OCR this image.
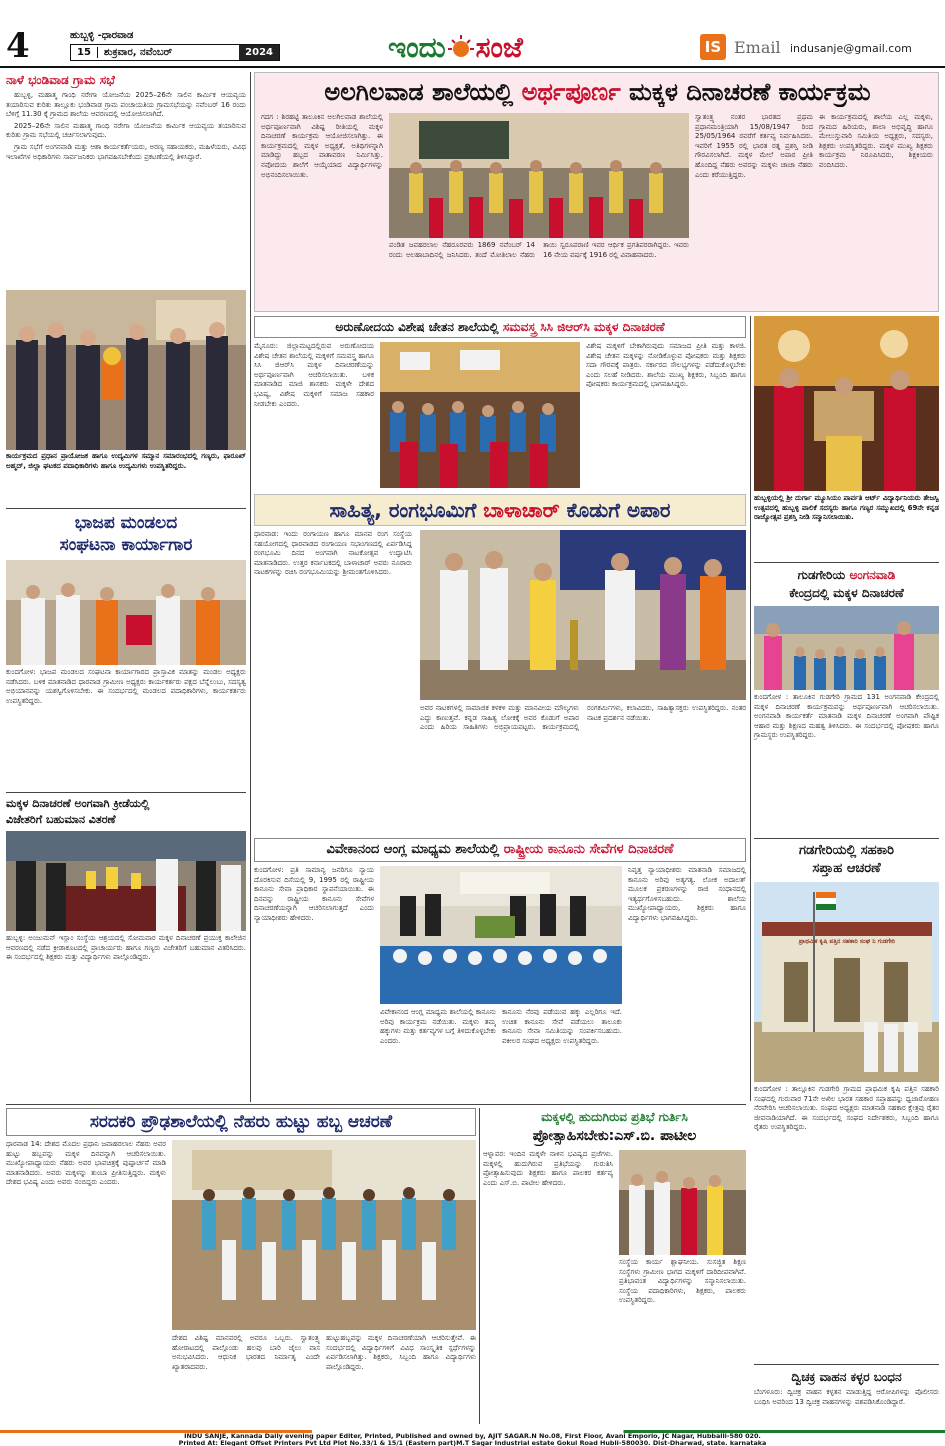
4	ಹುಬ್ಬಳ್ಳಿ -ಧಾರವಾಡ
15	ಶುಕ್ರವಾರ, ನವೆಂಬರ್	2024	ಇಂದು ಸಂಜೆ	IS Email indusanje@gmail.com
ನಾಳೆ ಭಂಡಿವಾಡ ಗ್ರಾಮ ಸಭೆ

ಹುಬ್ಬಳ್ಳಿ, ಮಹಾತ್ಮ ಗಾಂಧಿ ನರೇಗಾ ಯೋಜನೆಯ 2025–26ನೇ ಸಾಲಿನ ಕಾರ್ಮಿಕ ಆಯವ್ಯಯ ತಯಾರಿಸುವ ಕುರಿತು ತಾಲ್ಲೂಕು ಭಂಡಿವಾಡ ಗ್ರಾಮ ಪಂಚಾಯತಿಯ ಗ್ರಾಮಸಭೆಯನ್ನು ನವೆಂಬರ್ 16 ರಂದು ಬೆಳಿಗ್ಗೆ 11.30 ಕ್ಕೆ ಗ್ರಾಮದ ಶಾಲೆಯ ಆವರಣದಲ್ಲಿ ಆಯೋಜಿಸಲಾಗಿದೆ.

2025–26ನೇ ಸಾಲಿನ ಮಹಾತ್ಮ ಗಾಂಧಿ ನರೇಗಾ ಯೋಜನೆಯ ಕಾರ್ಮಿಕ ಆಯವ್ಯಯ ತಯಾರಿಸುವ ಕುರಿತು ಗ್ರಾಮ ಸಭೆಯಲ್ಲಿ ಚರ್ಚಿಸಲಾಗುವುದು.

ಗ್ರಾಮ ಸಭೆಗೆ ಅಂಗನವಾಡಿ ಮತ್ತು ಆಶಾ ಕಾರ್ಯಕರ್ತೆಯರು, ಅರಣ್ಯ ಸಹಾಯಕರು, ಮಹಿಳೆಯರು, ವಿವಿಧ ಇಲಾಖೆಗಳ ಅಧಿಕಾರಿಗಳು ಸಾರ್ವಜನಿಕರು ಭಾಗವಹಿಸಬೇಕೆಂದು ಪ್ರಕಟಣೆಯಲ್ಲಿ ತಿಳಿಸಿದ್ದಾರೆ.

ಕಾರ್ಯಕ್ರಮದ ಪ್ರಧಾನ ಪ್ರಾಯೋಜಕ ಹಾಗೂ ಉದ್ಯಮಿಗಳ ಸಮ್ಮಾನ ಸಮಾರಂಭದಲ್ಲಿ ಗಣ್ಯರು, ಫಾರೂಖ್ ಅಹ್ಮದ್, ಜಿಲ್ಲಾ ಘಟಕದ ಪದಾಧಿಕಾರಿಗಳು ಹಾಗೂ ಉದ್ಯಮಿಗಳು ಉಪಸ್ಥಿತರಿದ್ದರು.
ಭಾಜಪ ಮಂಡಲದ
ಸಂಘಟನಾ ಕಾರ್ಯಾಗಾರ
ಕುಂದಗೋಳ: ಭಾಜಪ ಮಂಡಲದ ಸಂಘಟನಾ ಕಾರ್ಯಾಗಾರದ ಪ್ರಾಸ್ತಾವಿಕ ಮಾತನ್ನು ಮಂಡಲ ಅಧ್ಯಕ್ಷರು ನಡೆಸಿದರು. ಬಳಿಕ ಮಾತನಾಡಿದ ಧಾರವಾಡ ಗ್ರಾಮೀಣ ಅಧ್ಯಕ್ಷರು ಕಾರ್ಯಕರ್ತರು ಪಕ್ಷದ ಬೆನ್ನೆಲುಬು, ಸದಸ್ಯತ್ವ ಅಭಿಯಾನವನ್ನು ಯಶಸ್ವಿಗೊಳಿಸಬೇಕು. ಈ ಸಂದರ್ಭದಲ್ಲಿ ಮಂಡಲದ ಪದಾಧಿಕಾರಿಗಳು, ಕಾರ್ಯಕರ್ತರು ಉಪಸ್ಥಿತರಿದ್ದರು.
ಮಕ್ಕಳ ದಿನಾಚರಣೆ ಅಂಗವಾಗಿ ಕ್ರೀಡೆಯಲ್ಲಿ
ವಿಜೇತರಿಗೆ ಬಹುಮಾನ ವಿತರಣೆ
ಹುಬ್ಬಳ್ಳಿ: ಅಂಜುಮನ್ ಇಸ್ಲಾಂ ಸಂಸ್ಥೆಯ ಆಶ್ರಯದಲ್ಲಿ ಸೋಮವಾರ ಮಕ್ಕಳ ದಿನಾಚರಣೆ ಪ್ರಯುಕ್ತ ಕಾಲೇಜಿನ ಆವರಣದಲ್ಲಿ ನಡೆದ ಕ್ರೀಡಾಕೂಟದಲ್ಲಿ ಪ್ರಾಚಾರ್ಯರು ಹಾಗೂ ಗಣ್ಯರು ವಿಜೇತರಿಗೆ ಬಹುಮಾನ ವಿತರಿಸಿದರು. ಈ ಸಂದರ್ಭದಲ್ಲಿ ಶಿಕ್ಷಕರು ಮತ್ತು ವಿದ್ಯಾರ್ಥಿಗಳು ಪಾಲ್ಗೊಂಡಿದ್ದರು.
ಅಲಗಿಲವಾಡ ಶಾಲೆಯಲ್ಲಿ ಅರ್ಥಪೂರ್ಣ ಮಕ್ಕಳ ದಿನಾಚರಣೆ ಕಾರ್ಯಕ್ರಮ
ಗದಗ : ಶಿರಹಟ್ಟಿ ತಾಲೂಕಿನ ಅಲಗಿಲವಾಡ ಶಾಲೆಯಲ್ಲಿ ಅರ್ಥಪೂರ್ಣವಾಗಿ ವಿಶಿಷ್ಟ ರೀತಿಯಲ್ಲಿ ಮಕ್ಕಳ ದಿನಾಚರಣೆ ಕಾರ್ಯಕ್ರಮ ಆಯೋಜಿಸಲಾಗಿತ್ತು. ಈ ಕಾರ್ಯಕ್ರಮದಲ್ಲಿ ಮಕ್ಕಳ ಅಧ್ಯಕ್ಷತೆ, ಅತಿಥಿಗಳನ್ನಾಗಿ ಮಾಡಿದ್ದು ಹಬ್ಬದ ವಾತಾವರಣ ನಿರ್ಮಿಸಿತ್ತು. ನವೋದಯ ಶಾಲೆಗೆ ಆಯ್ಕೆಯಾದ ವಿದ್ಯಾರ್ಥಿಗಳನ್ನು ಅಭಿನಂದಿಸಲಾಯಿತು.
ಪಂಡಿತ ಜವಹರಲಾಲ ನೆಹರೂರವರು 1869 ನವೆಂಬರ್ 14 ರಂದು ಅಲಹಾಬಾದಿನಲ್ಲಿ ಜನಿಸಿದರು. ತಂದೆ ಮೋತಿಲಾಲ ನೆಹರು ತಾಯಿ ಸ್ವರೂಪರಾಣಿ ಇವರ ಆರ್ಥಿಕ ಪ್ರಗತಿಪರರಾಗಿದ್ದರು. ಇವರು 16 ನೇಯ ವರ್ಷಕ್ಕೆ 1916 ರಲ್ಲಿ ವಿವಾಹವಾದರು.
ಸ್ವಾತಂತ್ರ್ಯ ನಂತರ ಭಾರತದ ಪ್ರಥಮ ಪ್ರಧಾನಮಂತ್ರಿಯಾಗಿ 15/08/1947 ರಿಂದ 25/05/1964 ರವರೆಗೆ ಕರ್ತವ್ಯ ನಿರ್ವಹಿಸಿದರು. ಇವರಿಗೆ 1955 ರಲ್ಲಿ ಭಾರತ ರತ್ನ ಪ್ರಶಸ್ತಿ ನೀಡಿ ಗೌರವಿಸಲಾಗಿದೆ. ಮಕ್ಕಳ ಮೇಲೆ ಅಪಾರ ಪ್ರೀತಿ ಹೊಂದಿದ್ದ ನೆಹರು ಅವರನ್ನು ಮಕ್ಕಳು ಚಾಚಾ ನೆಹರು ಎಂದು ಕರೆಯುತ್ತಿದ್ದರು.
ಈ ಕಾರ್ಯಕ್ರಮದಲ್ಲಿ ಶಾಲೆಯ ಎಲ್ಲ ಮಕ್ಕಳು, ಗ್ರಾಮದ ಹಿರಿಯರು, ಶಾಲಾ ಅಭಿವೃದ್ಧಿ ಹಾಗೂ ಮೇಲುಸ್ತುವಾರಿ ಸಮಿತಿಯ ಅಧ್ಯಕ್ಷರು, ಸದಸ್ಯರು, ಶಿಕ್ಷಕರು ಉಪಸ್ಥಿತರಿದ್ದರು. ಮಕ್ಕಳ ಮುಖ್ಯ ಶಿಕ್ಷಕರು ಕಾರ್ಯಕ್ರಮ ನಿರೂಪಿಸಿದರು, ಶಿಕ್ಷಕಿಯರು ವಂದಿಸಿದರು.
ಅರುಣೋದಯ ವಿಶೇಷ ಚೇತನ ಶಾಲೆಯಲ್ಲಿ ಸಮವಸ್ತ್ರ ಸಿಸಿ ಜಿಆರ್‌ಸಿ ಮಕ್ಕಳ ದಿನಾಚರಣೆ
ಮೈಸೂರು: ಜಿಲ್ಲಾಮಟ್ಟದಲ್ಲಿರುವ ಅರುಣೋದಯ ವಿಶೇಷ ಚೇತನ ಶಾಲೆಯಲ್ಲಿ ಮಕ್ಕಳಿಗೆ ಸಮವಸ್ತ್ರ ಹಾಗೂ ಸಿಸಿ ಜಿಆರ್‌ಸಿ ಮಕ್ಕಳ ದಿನಾಚರಣೆಯನ್ನು ಅರ್ಥಪೂರ್ಣವಾಗಿ ಆಚರಿಸಲಾಯಿತು. ಬಳಿಕ ಮಾತನಾಡಿದ ಮಾಜಿ ಶಾಸಕರು ಮಕ್ಕಳೇ ದೇಶದ ಭವಿಷ್ಯ, ವಿಶೇಷ ಮಕ್ಕಳಿಗೆ ಸಮಾಜ ಸಹಕಾರ ನೀಡಬೇಕು ಎಂದರು.
ವಿಶೇಷ ಮಕ್ಕಳಿಗೆ ಬೇಕಾಗಿರುವುದು ಸಮಾಜದ ಪ್ರೀತಿ ಮತ್ತು ಕಾಳಜಿ. ವಿಶೇಷ ಚೇತನ ಮಕ್ಕಳನ್ನು ನೋಡಿಕೊಳ್ಳುವ ಪೋಷಕರು ಮತ್ತು ಶಿಕ್ಷಕರು ಸದಾ ಗೌರವಕ್ಕೆ ಪಾತ್ರರು. ಸರ್ಕಾರದ ಸೌಲಭ್ಯಗಳನ್ನು ಪಡೆದುಕೊಳ್ಳಬೇಕು ಎಂದು ಸಲಹೆ ನೀಡಿದರು. ಶಾಲೆಯ ಮುಖ್ಯ ಶಿಕ್ಷಕರು, ಸಿಬ್ಬಂದಿ ಹಾಗೂ ಪೋಷಕರು ಕಾರ್ಯಕ್ರಮದಲ್ಲಿ ಭಾಗವಹಿಸಿದ್ದರು.
ಹುಬ್ಬಳ್ಳಿಯಲ್ಲಿ ಶ್ರೀ ದುರ್ಗಾ ಮ್ಯೂಸಿಯಂ ಪಾರ್ವತಿ ಆರ್ಟ್ ವಿದ್ಯಾರ್ಥಿನಿಯರು ತೇಜಸ್ವಿ ಉತ್ಸವದಲ್ಲಿ ಹುಬ್ಬಳ್ಳಿ ಪಾಲಿಕೆ ಸದಸ್ಯರು ಹಾಗೂ ಗಣ್ಯರ ಸಮ್ಮುಖದಲ್ಲಿ 69ನೇ ಕನ್ನಡ ರಾಜ್ಯೋತ್ಸವ ಪ್ರಶಸ್ತಿ ನೀಡಿ ಸನ್ಮಾನಿಸಲಾಯಿತು.
ಸಾಹಿತ್ಯ, ರಂಗಭೂಮಿಗೆ ಬಾಳಾಚಾರ್ ಕೊಡುಗೆ ಅಪಾರ
ಧಾರವಾಡ: ಇಂದು ರಂಗಾಯಣ ಹಾಗೂ ಮಾನವ ರಂಗ ಸಂಸ್ಥೆಯ ಸಹಯೋಗದಲ್ಲಿ ಧಾರವಾಡದ ರಂಗಾಯಣ ಸಭಾಂಗಣದಲ್ಲಿ ಏರ್ಪಡಿಸಿದ್ದ ರಂಗಭೂಮಿ ದಿನದ ಅಂಗವಾಗಿ ನಾಟಕೋತ್ಸವ ಉದ್ಘಾಟಿಸಿ ಮಾತನಾಡಿದರು. ಉತ್ತರ ಕರ್ನಾಟಕದಲ್ಲಿ ಬಾಳಾಚಾರ್ ಅವರು ನೂರಾರು ನಾಟಕಗಳನ್ನು ರಚಿಸಿ ರಂಗಭೂಮಿಯನ್ನು ಶ್ರೀಮಂತಗೊಳಿಸಿದರು.
ಅವರ ನಾಟಕಗಳಲ್ಲಿ ಸಾಮಾಜಿಕ ಕಳಕಳಿ ಮತ್ತು ಮಾನವೀಯ ಮೌಲ್ಯಗಳು ಎದ್ದು ಕಾಣುತ್ತವೆ. ಕನ್ನಡ ಸಾಹಿತ್ಯ ಲೋಕಕ್ಕೆ ಅವರ ಕೊಡುಗೆ ಅಪಾರ ಎಂದು ಹಿರಿಯ ಸಾಹಿತಿಗಳು ಅಭಿಪ್ರಾಯಪಟ್ಟರು. ಕಾರ್ಯಕ್ರಮದಲ್ಲಿ ರಂಗಕರ್ಮಿಗಳು, ಕಲಾವಿದರು, ಸಾಹಿತ್ಯಾಸಕ್ತರು ಉಪಸ್ಥಿತರಿದ್ದರು. ನಂತರ ನಾಟಕ ಪ್ರದರ್ಶನ ನಡೆಯಿತು.
ಗುಡಗೇರಿಯ ಅಂಗನವಾಡಿ
ಕೇಂದ್ರದಲ್ಲಿ ಮಕ್ಕಳ ದಿನಾಚರಣೆ
ಕುಂದಗೋಳ : ತಾಲೂಕಿನ ಗುಡಗೇರಿ ಗ್ರಾಮದ 131 ಅಂಗನವಾಡಿ ಕೇಂದ್ರದಲ್ಲಿ ಮಕ್ಕಳ ದಿನಾಚರಣೆ ಕಾರ್ಯಕ್ರಮವನ್ನು ಅರ್ಥಪೂರ್ಣವಾಗಿ ಆಚರಿಸಲಾಯಿತು. ಅಂಗನವಾಡಿ ಕಾರ್ಯಕರ್ತೆ ಮಾತನಾಡಿ ಮಕ್ಕಳ ದಿನಾಚರಣೆ ಅಂಗವಾಗಿ ಪೌಷ್ಟಿಕ ಆಹಾರ ಮತ್ತು ಶಿಕ್ಷಣದ ಮಹತ್ವ ತಿಳಿಸಿದರು. ಈ ಸಂದರ್ಭದಲ್ಲಿ ಪೋಷಕರು ಹಾಗೂ ಗ್ರಾಮಸ್ಥರು ಉಪಸ್ಥಿತರಿದ್ದರು.
ವಿವೇಕಾನಂದ ಆಂಗ್ಲ ಮಾಧ್ಯಮ ಶಾಲೆಯಲ್ಲಿ ರಾಷ್ಟ್ರೀಯ ಕಾನೂನು ಸೇವೆಗಳ ದಿನಾಚರಣೆ
ಕುಂದಗೋಳ: ಪ್ರತಿ ಸಾಮಾನ್ಯ ಜನರಿಗೂ ನ್ಯಾಯ ದೊರಕಿಸುವ ದಿಸೆಯಲ್ಲಿ 9, 1995 ರಲ್ಲಿ ರಾಷ್ಟ್ರೀಯ ಕಾನೂನು ಸೇವಾ ಪ್ರಾಧಿಕಾರ ಸ್ಥಾಪನೆಯಾಯಿತು. ಈ ದಿನವನ್ನು ರಾಷ್ಟ್ರೀಯ ಕಾನೂನು ಸೇವೆಗಳ ದಿನಾಚರಣೆಯನ್ನಾಗಿ ಆಚರಿಸಲಾಗುತ್ತದೆ ಎಂದು ನ್ಯಾಯಾಧೀಶರು ಹೇಳಿದರು.
ವಿವೇಕಾನಂದ ಆಂಗ್ಲ ಮಾಧ್ಯಮ ಶಾಲೆಯಲ್ಲಿ ಕಾನೂನು ಅರಿವು ಕಾರ್ಯಕ್ರಮ ನಡೆಯಿತು. ಮಕ್ಕಳು ತಮ್ಮ ಹಕ್ಕುಗಳು ಮತ್ತು ಕರ್ತವ್ಯಗಳ ಬಗ್ಗೆ ತಿಳಿದುಕೊಳ್ಳಬೇಕು ಎಂದರು.
ಕಾನೂನು ನೆರವು ಪಡೆಯುವ ಹಕ್ಕು ಎಲ್ಲರಿಗೂ ಇದೆ. ಉಚಿತ ಕಾನೂನು ಸೇವೆ ಪಡೆಯಲು ತಾಲೂಕು ಕಾನೂನು ಸೇವಾ ಸಮಿತಿಯನ್ನು ಸಂಪರ್ಕಿಸಬಹುದು. ವಕೀಲರ ಸಂಘದ ಅಧ್ಯಕ್ಷರು ಉಪಸ್ಥಿತರಿದ್ದರು.
ನಿವೃತ್ತ ನ್ಯಾಯಾಧೀಶರು ಮಾತನಾಡಿ ಸಮಾಜದಲ್ಲಿ ಕಾನೂನು ಅರಿವು ಅತ್ಯಗತ್ಯ. ಲೋಕ ಅದಾಲತ್ ಮೂಲಕ ಪ್ರಕರಣಗಳನ್ನು ರಾಜಿ ಸಂಧಾನದಲ್ಲಿ ಇತ್ಯರ್ಥಗೊಳಿಸಬಹುದು. ಶಾಲೆಯ ಮುಖ್ಯೋಪಾಧ್ಯಾಯರು, ಶಿಕ್ಷಕರು ಹಾಗೂ ವಿದ್ಯಾರ್ಥಿಗಳು ಭಾಗವಹಿಸಿದ್ದರು.
ಗಡಗೇರಿಯಲ್ಲಿ ಸಹಕಾರಿ
ಸಪ್ತಾಹ ಆಚರಣೆ
ಪ್ರಾಥಮಿಕ ಕೃಷಿ ಪತ್ತಿನ ಸಹಕಾರಿ ಸಂಘ ನಿ ಗುಡಗೇರಿ
ಕುಂದಗೋಳ : ತಾಲ್ಲೂಕಿನ ಗುಡಗೇರಿ ಗ್ರಾಮದ ಪ್ರಾಥಮಿಕ ಕೃಷಿ ಪತ್ತಿನ ಸಹಕಾರಿ ಸಂಘದಲ್ಲಿ ಗುರುವಾರ 71ನೇ ಅಖಿಲ ಭಾರತ ಸಹಕಾರ ಸಪ್ತಾಹವನ್ನು ಧ್ವಜಾರೋಹಣ ನೆರವೇರಿಸಿ ಆಚರಿಸಲಾಯಿತು. ಸಂಘದ ಅಧ್ಯಕ್ಷರು ಮಾತನಾಡಿ ಸಹಕಾರ ಕ್ಷೇತ್ರವು ರೈತರ ಜೀವನಾಡಿಯಾಗಿದೆ. ಈ ಸಂದರ್ಭದಲ್ಲಿ ಸಂಘದ ನಿರ್ದೇಶಕರು, ಸಿಬ್ಬಂದಿ ಹಾಗೂ ರೈತರು ಉಪಸ್ಥಿತರಿದ್ದರು.
ಸರದಕರಿ ಪ್ರೌಢಶಾಲೆಯಲ್ಲಿ ನೆಹರು ಹುಟ್ಟು ಹಬ್ಬ ಆಚರಣೆ
ಧಾರವಾಡ 14: ದೇಶದ ಮೊದಲ ಪ್ರಧಾನಿ ಜವಾಹರಲಾಲ ನೆಹರು ಅವರ ಹುಟ್ಟು ಹಬ್ಬವನ್ನು ಮಕ್ಕಳ ದಿನವನ್ನಾಗಿ ಆಚರಿಸಲಾಯಿತು. ಮುಖ್ಯೋಪಾಧ್ಯಾಯರು ನೆಹರು ಅವರ ಭಾವಚಿತ್ರಕ್ಕೆ ಪುಷ್ಪಾರ್ಚನೆ ಮಾಡಿ ಮಾತನಾಡಿದರು. ಅವರು ಮಕ್ಕಳನ್ನು ತುಂಬಾ ಪ್ರೀತಿಸುತ್ತಿದ್ದರು. ಮಕ್ಕಳು ದೇಶದ ಭವಿಷ್ಯ ಎಂದು ಅವರು ನಂಬಿದ್ದರು ಎಂದರು.
ದೇಶದ ವಿಶಿಷ್ಟ ಮಾನವರಲ್ಲಿ ಅವರೂ ಒಬ್ಬರು. ಸ್ವಾತಂತ್ರ್ಯ ಹೋರಾಟದಲ್ಲಿ ಪಾಲ್ಗೊಂಡು ಹಲವು ಬಾರಿ ಜೈಲು ವಾಸ ಅನುಭವಿಸಿದರು. ಆಧುನಿಕ ಭಾರತದ ನಿರ್ಮಾತೃ ಎಂದೇ ಖ್ಯಾತರಾದವರು.
ಹುಟ್ಟುಹಬ್ಬವನ್ನು ಮಕ್ಕಳ ದಿನಾಚರಣೆಯಾಗಿ ಆಚರಿಸುತ್ತೇವೆ. ಈ ಸಂದರ್ಭದಲ್ಲಿ ವಿದ್ಯಾರ್ಥಿಗಳಿಗೆ ವಿವಿಧ ಸಾಂಸ್ಕೃತಿಕ ಸ್ಪರ್ಧೆಗಳನ್ನು ಏರ್ಪಡಿಸಲಾಗಿತ್ತು. ಶಿಕ್ಷಕರು, ಸಿಬ್ಬಂದಿ ಹಾಗೂ ವಿದ್ಯಾರ್ಥಿಗಳು ಪಾಲ್ಗೊಂಡಿದ್ದರು.
ಮಕ್ಕಳಲ್ಲಿ ಹುದುಗಿರುವ ಪ್ರತಿಭೆ ಗುರ್ತಿಸಿ
ಪ್ರೋತ್ಸಾಹಿಸಬೇಕು:ಎಸ್.ಬಿ. ಪಾಟೀಲ
ಆಳ್ನಾವರ: ಇಂದಿನ ಮಕ್ಕಳೇ ನಾಳಿನ ಭವಿಷ್ಯದ ಪ್ರಜೆಗಳು. ಮಕ್ಕಳಲ್ಲಿ ಹುದುಗಿರುವ ಪ್ರತಿಭೆಯನ್ನು ಗುರುತಿಸಿ ಪ್ರೋತ್ಸಾಹಿಸುವುದು ಶಿಕ್ಷಕರು ಹಾಗೂ ಪಾಲಕರ ಕರ್ತವ್ಯ ಎಂದು ಎಸ್.ಬಿ. ಪಾಟೀಲ ಹೇಳಿದರು.
ಸಂಸ್ಥೆಯ ಕಾರ್ಯ ಶ್ಲಾಘನೀಯ. ಸುಸಜ್ಜಿತ ಶಿಕ್ಷಣ ಸಂಸ್ಥೆಗಳು ಗ್ರಾಮೀಣ ಭಾಗದ ಮಕ್ಕಳಿಗೆ ದಾರಿದೀಪವಾಗಿವೆ. ಪ್ರತಿಭಾವಂತ ವಿದ್ಯಾರ್ಥಿಗಳನ್ನು ಸನ್ಮಾನಿಸಲಾಯಿತು. ಸಂಸ್ಥೆಯ ಪದಾಧಿಕಾರಿಗಳು, ಶಿಕ್ಷಕರು, ಪಾಲಕರು ಉಪಸ್ಥಿತರಿದ್ದರು.
ದ್ವಿಚಕ್ರ ವಾಹನ ಕಳ್ಳರ ಬಂಧನ
ಬೆಂಗಳೂರು: ದ್ವಿಚಕ್ರ ವಾಹನ ಕಳ್ಳತನ ಮಾಡುತ್ತಿದ್ದ ಆರೋಪಿಗಳನ್ನು ಪೊಲೀಸರು ಬಂಧಿಸಿ ಅವರಿಂದ 13 ದ್ವಿಚಕ್ರ ವಾಹನಗಳನ್ನು ವಶಪಡಿಸಿಕೊಂಡಿದ್ದಾರೆ.
INDU SANJE, Kannada Daily evening paper Editer, Printed, Published and owned by, AJIT SAGAR.N No.08, First Floor, Avani Emporio, JC Nagar, Hubballi-580 020.
Printed At: Elegant Offset Printers Pvt Ltd Plot No.33/1 & 15/1 (Eastern part)M.T Sagar Industrial estate Gokul Road Hubli-580030. Dist-Dharwad, state. karnataka
